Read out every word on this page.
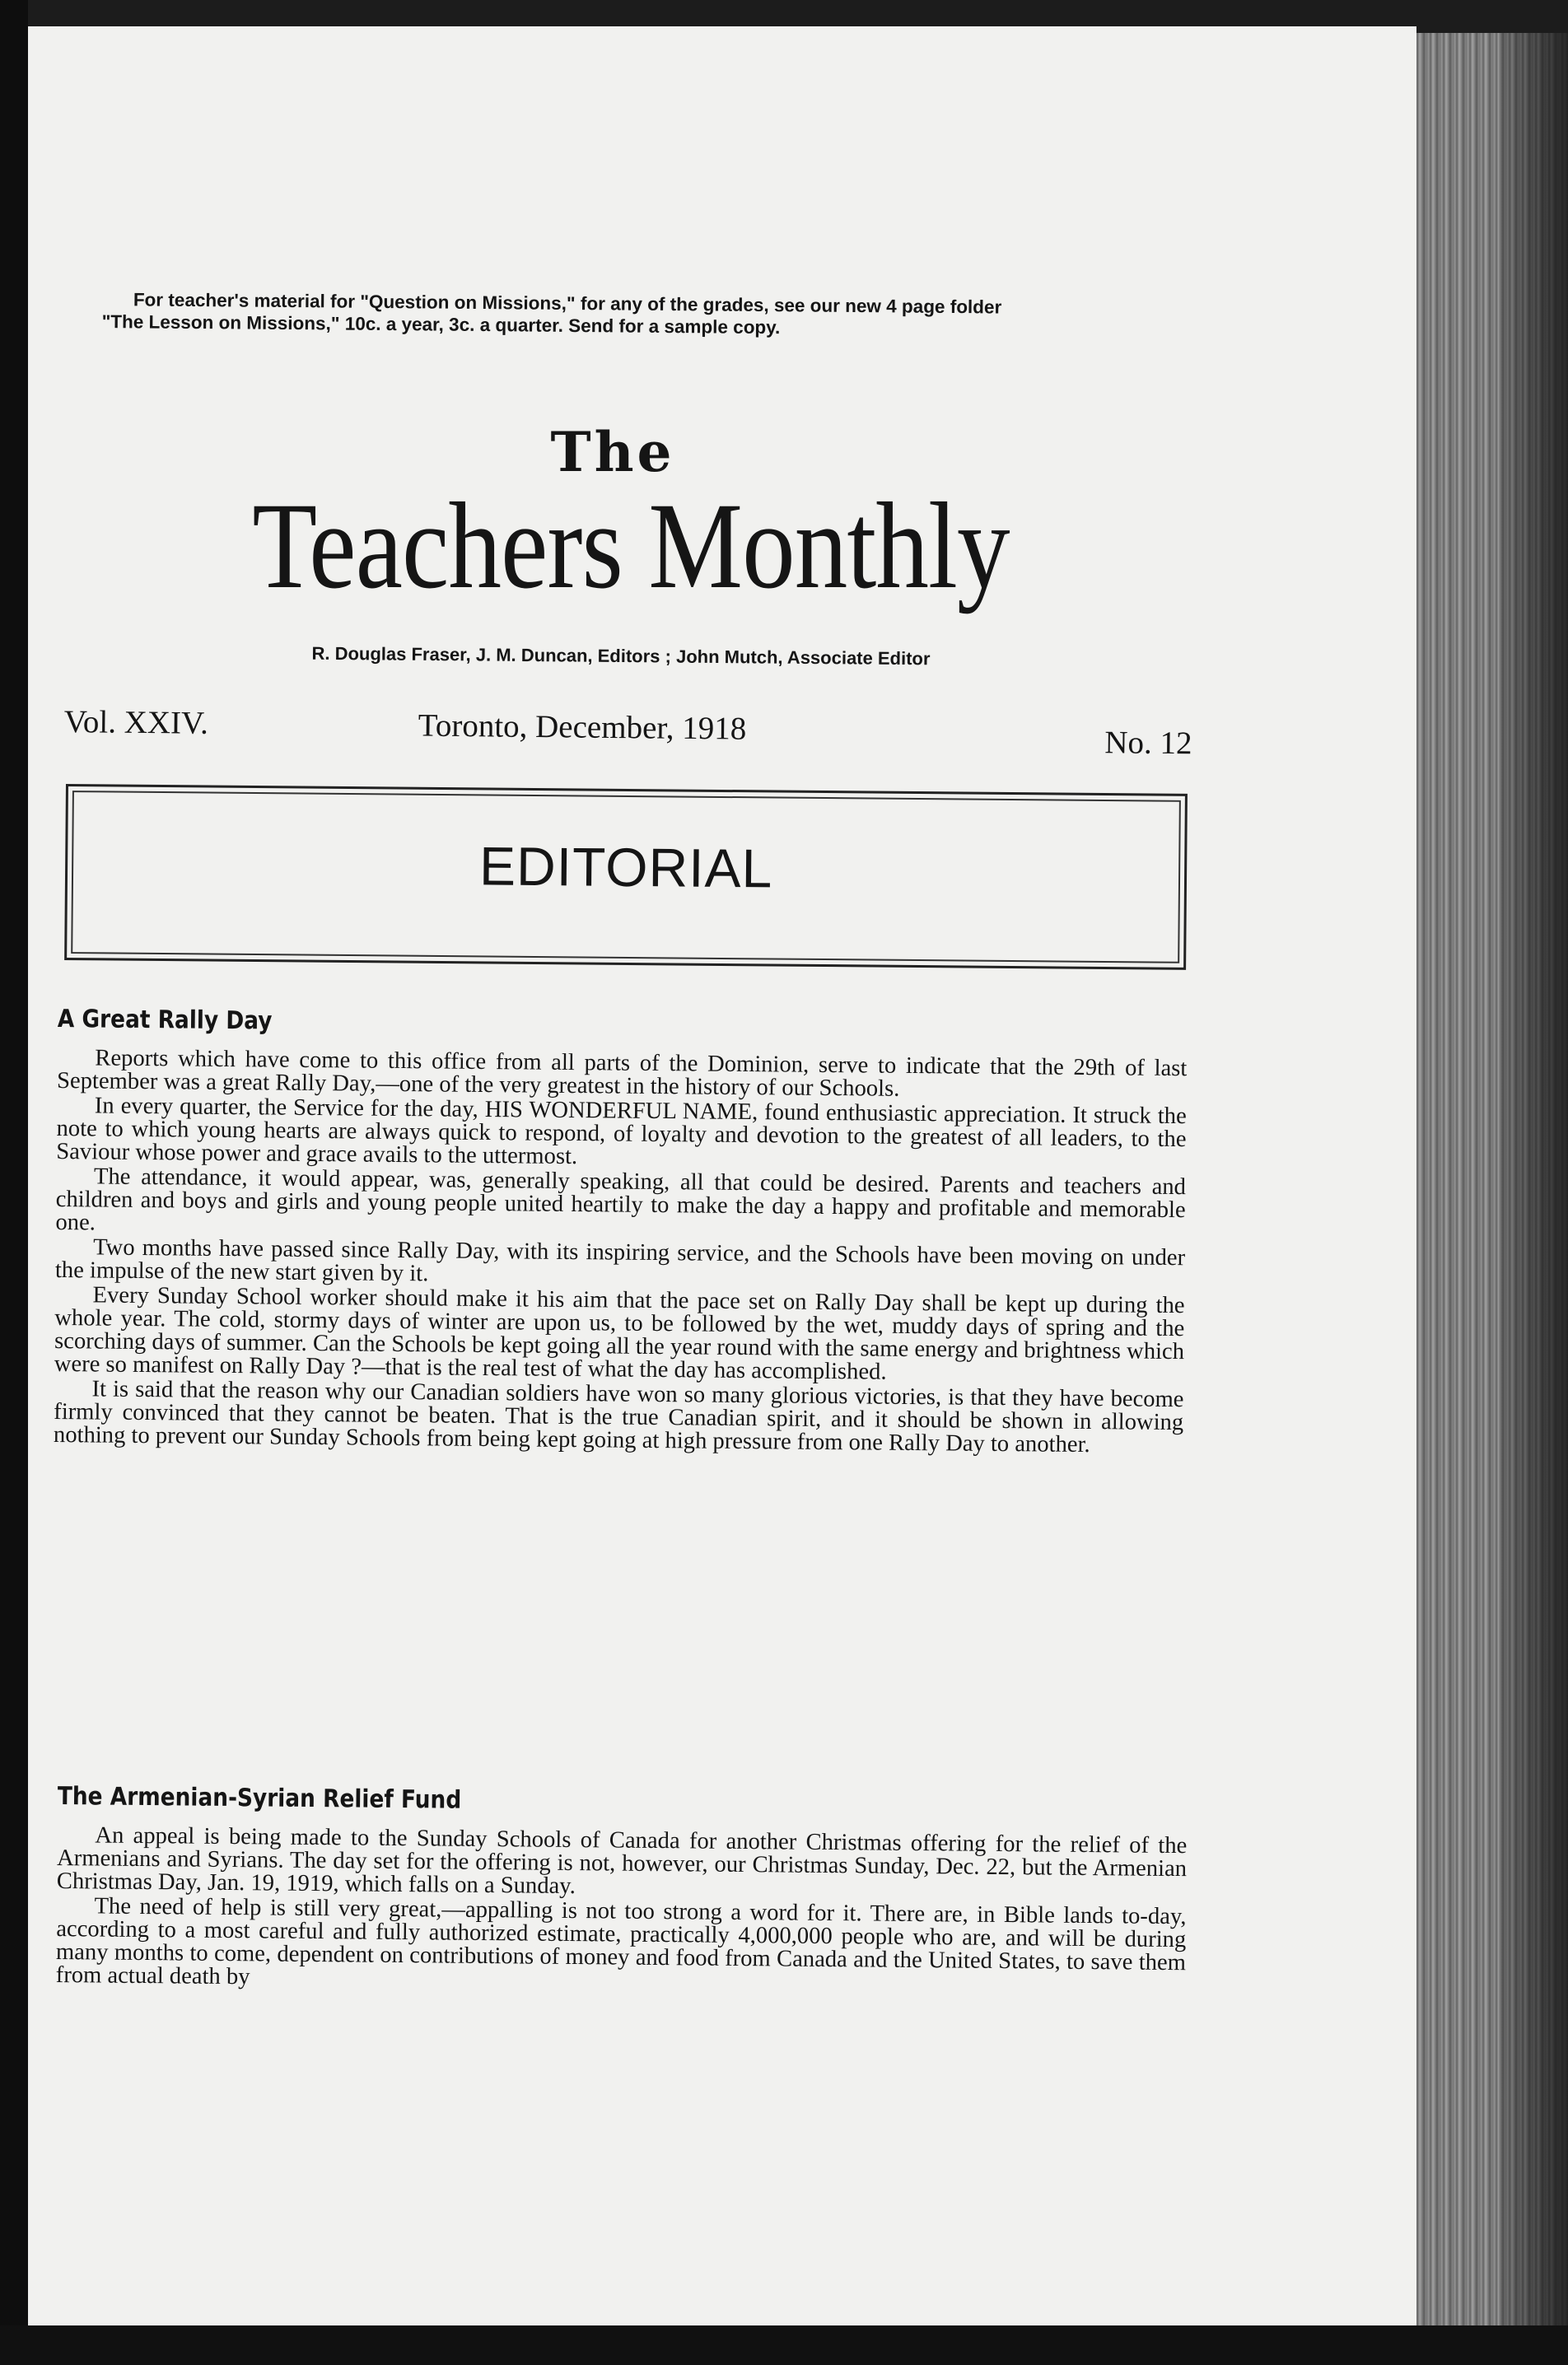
For teacher's material for "Question on Missions," for any of the grades, see our new 4 page folder

"The Lesson on Missions," 10c. a year, 3c. a quarter. Send for a sample copy.

The
Teachers Monthly
R. Douglas Fraser, J. M. Duncan, Editors ; John Mutch, Associate Editor
Vol. XXIV.	Toronto, December, 1918	No. 12
EDITORIAL
A Great Rally Day

Reports which have come to this office from all parts of the Dominion, serve to indicate that the 29th of last September was a great Rally Day,—one of the very greatest in the history of our Schools.

In every quarter, the Service for the day, HIS WONDERFUL NAME, found enthusiastic appreciation. It struck the note to which young hearts are always quick to respond, of loyalty and devotion to the greatest of all leaders, to the Saviour whose power and grace avails to the uttermost.

The attendance, it would appear, was, generally speaking, all that could be desired. Parents and teachers and children and boys and girls and young people united heartily to make the day a happy and profitable and memorable one.

Two months have passed since Rally Day, with its inspiring service, and the Schools have been moving on under the impulse of the new start given by it.

Every Sunday School worker should make it his aim that the pace set on Rally Day shall be kept up during the whole year. The cold, stormy days of winter are upon us, to be followed by the wet, muddy days of spring and the scorching days of summer. Can the Schools be kept going all the year round with the same energy and brightness which were so manifest on Rally Day ?—that is the real test of what the day has accomplished.

It is said that the reason why our Canadian soldiers have won so many glorious victories, is that they have become firmly convinced that they cannot be beaten. That is the true Canadian spirit, and it should be shown in allowing nothing to prevent our Sunday Schools from being kept going at high pressure from one Rally Day to another.

The Armenian-Syrian Relief Fund

An appeal is being made to the Sunday Schools of Canada for another Christmas offering for the relief of the Armenians and Syrians. The day set for the offering is not, however, our Christmas Sunday, Dec. 22, but the Armenian Christmas Day, Jan. 19, 1919, which falls on a Sunday.

The need of help is still very great,—appalling is not too strong a word for it. There are, in Bible lands to-day, according to a most careful and fully authorized estimate, practically 4,000,000 people who are, and will be during many months to come, dependent on contributions of money and food from Canada and the United States, to save them from actual death by
